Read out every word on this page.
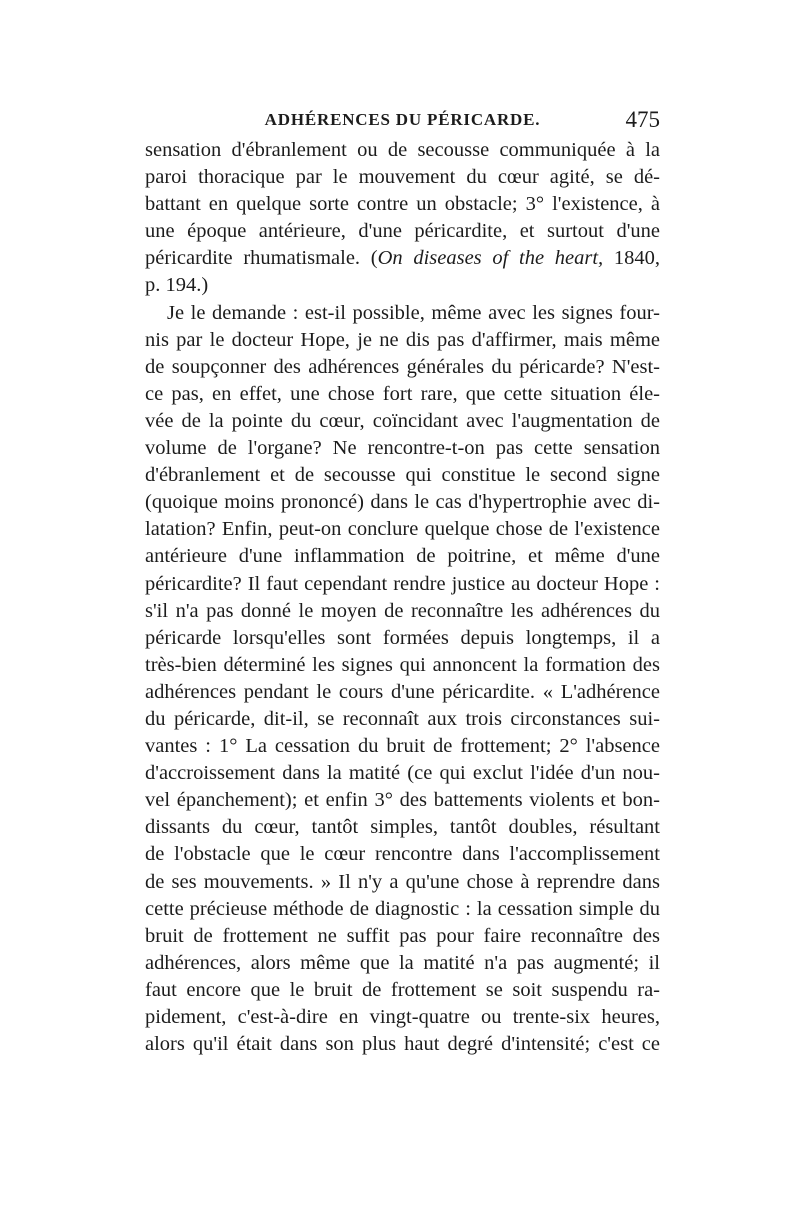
ADHÉRENCES DU PÉRICARDE.	475
sensation d'ébranlement ou de secousse communiquée à la
paroi thoracique par le mouvement du cœur agité, se dé-
battant en quelque sorte contre un obstacle; 3° l'existence, à
une époque antérieure, d'une péricardite, et surtout d'une
péricardite rhumatismale. (On diseases of the heart, 1840,
p. 194.)
Je le demande : est-il possible, même avec les signes four-
nis par le docteur Hope, je ne dis pas d'affirmer, mais même
de soupçonner des adhérences générales du péricarde? N'est-
ce pas, en effet, une chose fort rare, que cette situation éle-
vée de la pointe du cœur, coïncidant avec l'augmentation de
volume de l'organe? Ne rencontre-t-on pas cette sensation
d'ébranlement et de secousse qui constitue le second signe
(quoique moins prononcé) dans le cas d'hypertrophie avec di-
latation? Enfin, peut-on conclure quelque chose de l'existence
antérieure d'une inflammation de poitrine, et même d'une
péricardite? Il faut cependant rendre justice au docteur Hope :
s'il n'a pas donné le moyen de reconnaître les adhérences du
péricarde lorsqu'elles sont formées depuis longtemps, il a
très-bien déterminé les signes qui annoncent la formation des
adhérences pendant le cours d'une péricardite. « L'adhérence
du péricarde, dit-il, se reconnaît aux trois circonstances sui-
vantes : 1° La cessation du bruit de frottement; 2° l'absence
d'accroissement dans la matité (ce qui exclut l'idée d'un nou-
vel épanchement); et enfin 3° des battements violents et bon-
dissants du cœur, tantôt simples, tantôt doubles, résultant
de l'obstacle que le cœur rencontre dans l'accomplissement
de ses mouvements. » Il n'y a qu'une chose à reprendre dans
cette précieuse méthode de diagnostic : la cessation simple du
bruit de frottement ne suffit pas pour faire reconnaître des
adhérences, alors même que la matité n'a pas augmenté; il
faut encore que le bruit de frottement se soit suspendu ra-
pidement, c'est-à-dire en vingt-quatre ou trente-six heures,
alors qu'il était dans son plus haut degré d'intensité; c'est ce
